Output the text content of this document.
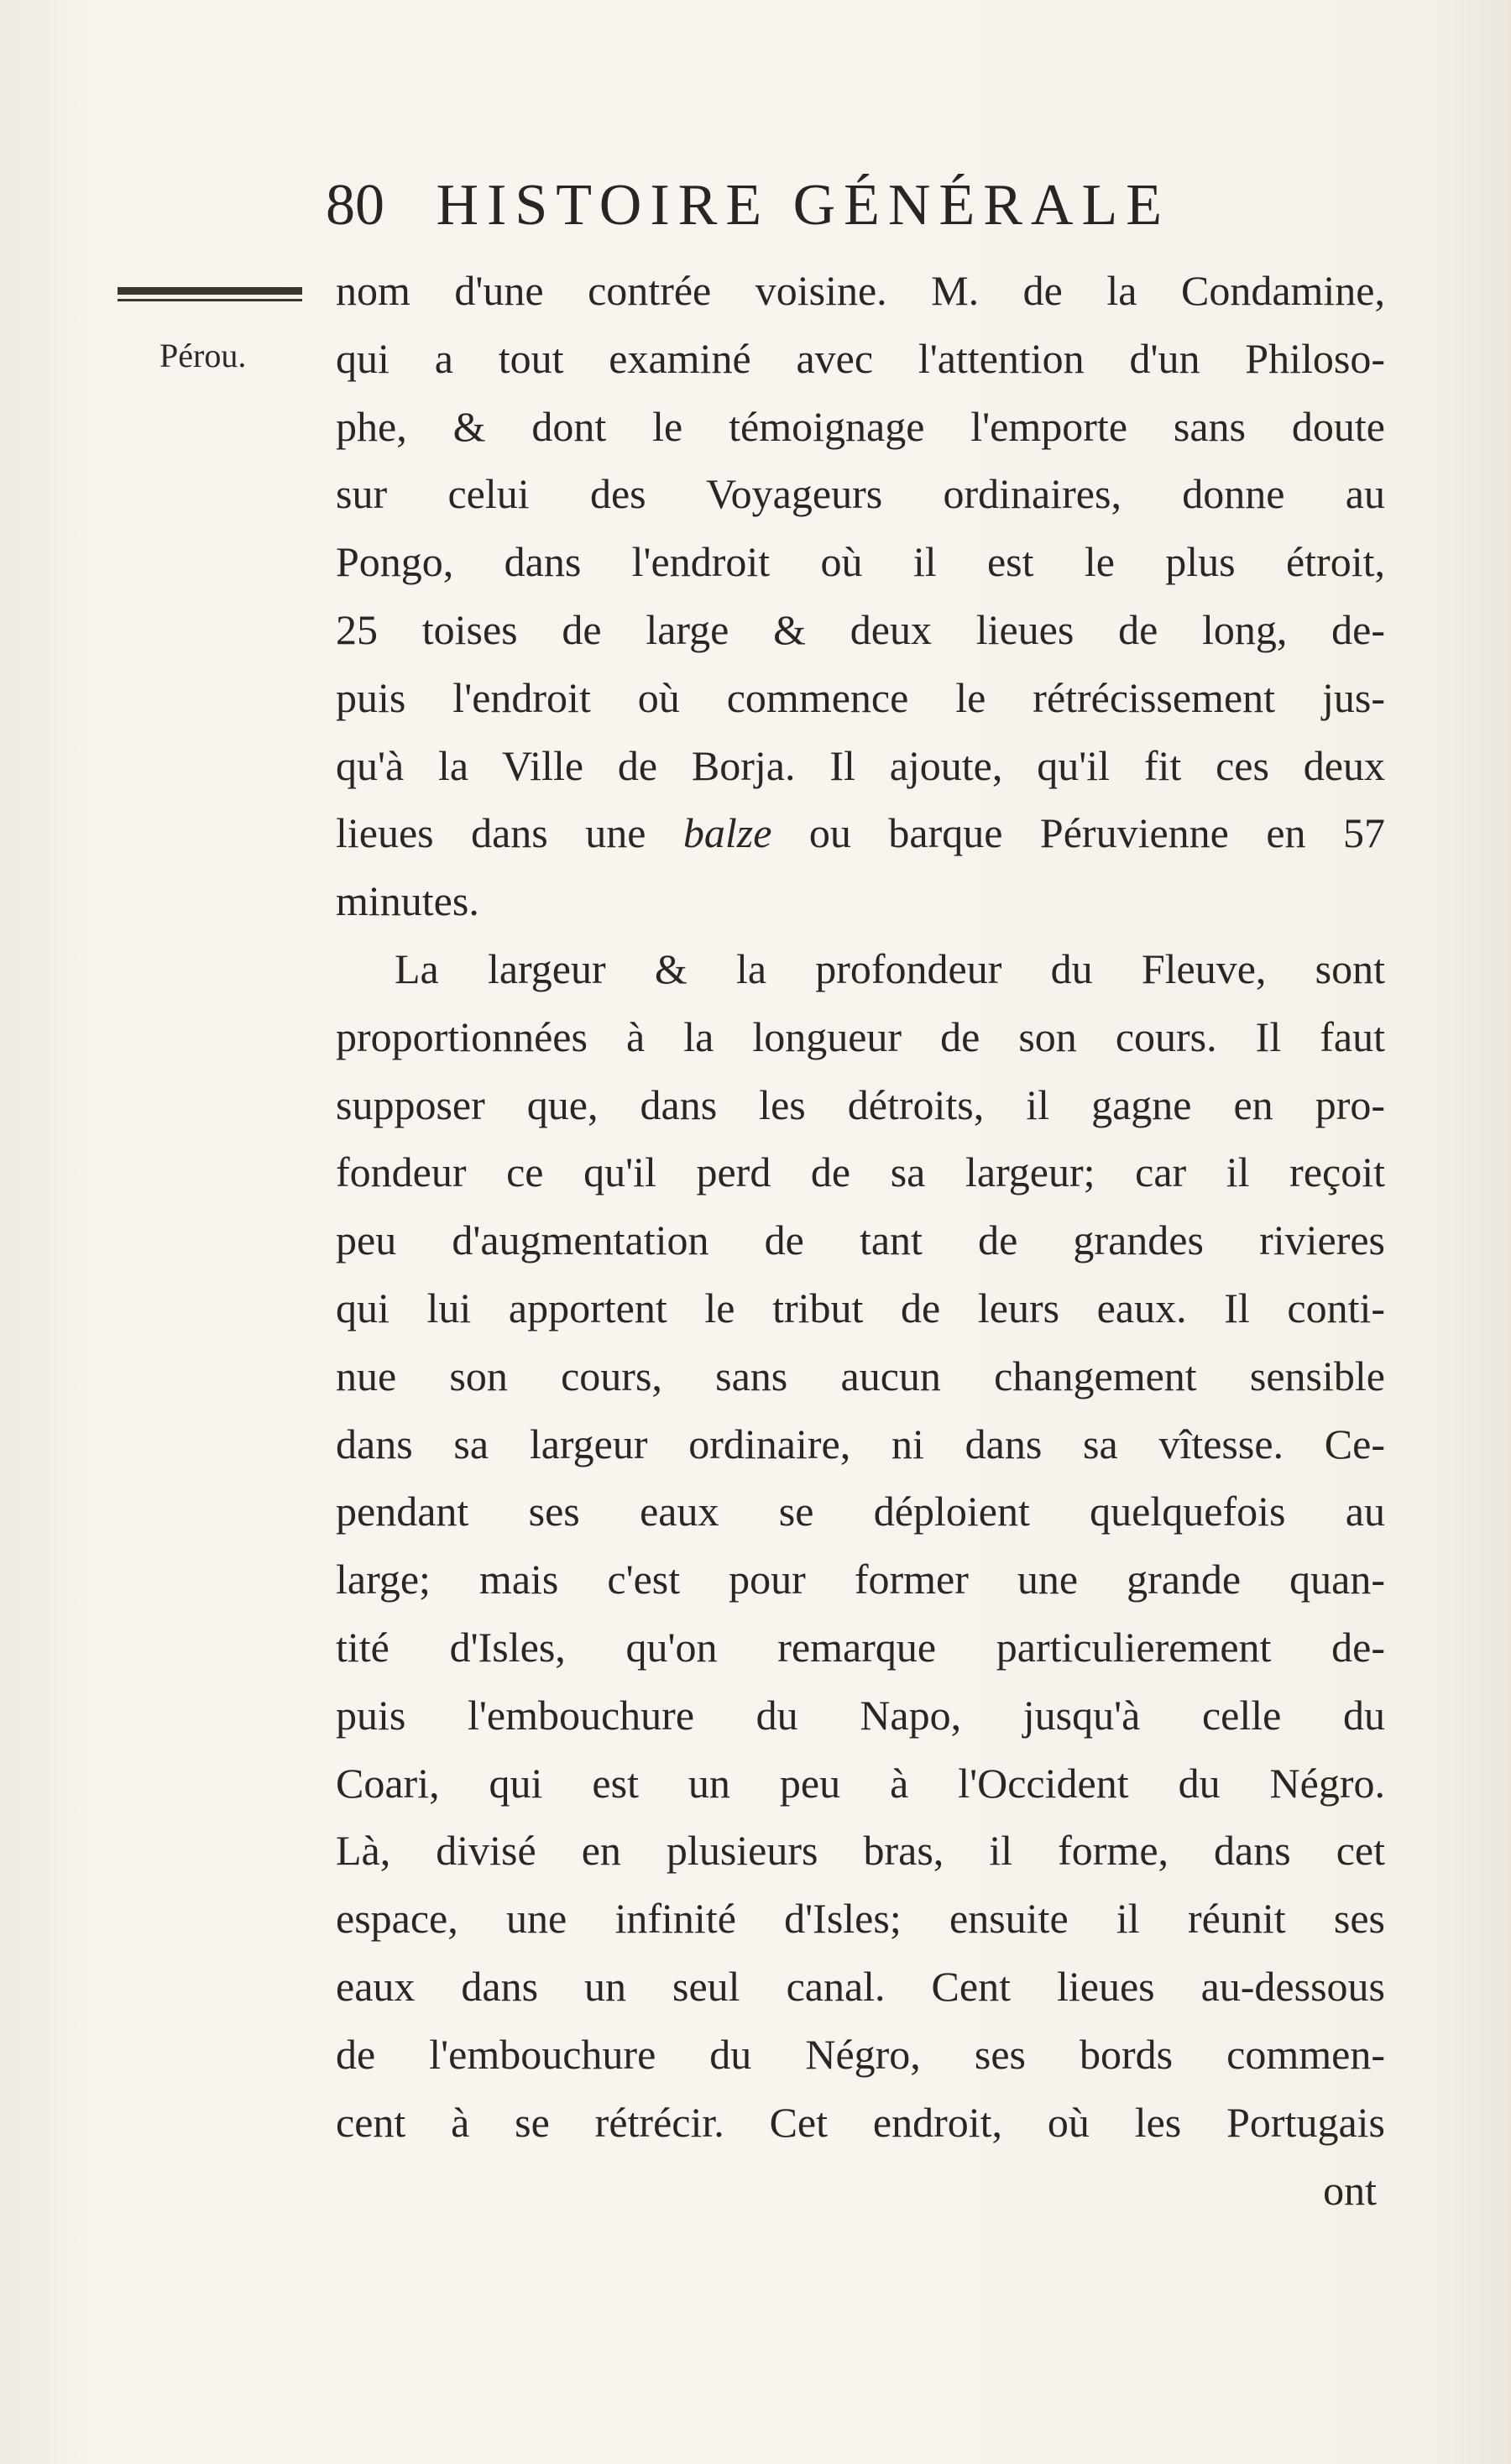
80 HISTOIRE GÉNÉRALE
Pérou.
nom d'une contrée voisine. M. de la Condamine,
qui a tout examiné avec l'attention d'un Philoso-
phe, & dont le témoignage l'emporte sans doute
sur celui des Voyageurs ordinaires, donne au
Pongo, dans l'endroit où il est le plus étroit,
25 toises de large & deux lieues de long, de-
puis l'endroit où commence le rétrécissement jus-
qu'à la Ville de Borja. Il ajoute, qu'il fit ces deux
lieues dans une balze ou barque Péruvienne en 57
minutes.
La largeur & la profondeur du Fleuve, sont
proportionnées à la longueur de son cours. Il faut
supposer que, dans les détroits, il gagne en pro-
fondeur ce qu'il perd de sa largeur; car il reçoit
peu d'augmentation de tant de grandes rivieres
qui lui apportent le tribut de leurs eaux. Il conti-
nue son cours, sans aucun changement sensible
dans sa largeur ordinaire, ni dans sa vîtesse. Ce-
pendant ses eaux se déploient quelquefois au
large; mais c'est pour former une grande quan-
tité d'Isles, qu'on remarque particulierement de-
puis l'embouchure du Napo, jusqu'à celle du
Coari, qui est un peu à l'Occident du Négro.
Là, divisé en plusieurs bras, il forme, dans cet
espace, une infinité d'Isles; ensuite il réunit ses
eaux dans un seul canal. Cent lieues au-dessous
de l'embouchure du Négro, ses bords commen-
cent à se rétrécir. Cet endroit, où les Portugais
ont
